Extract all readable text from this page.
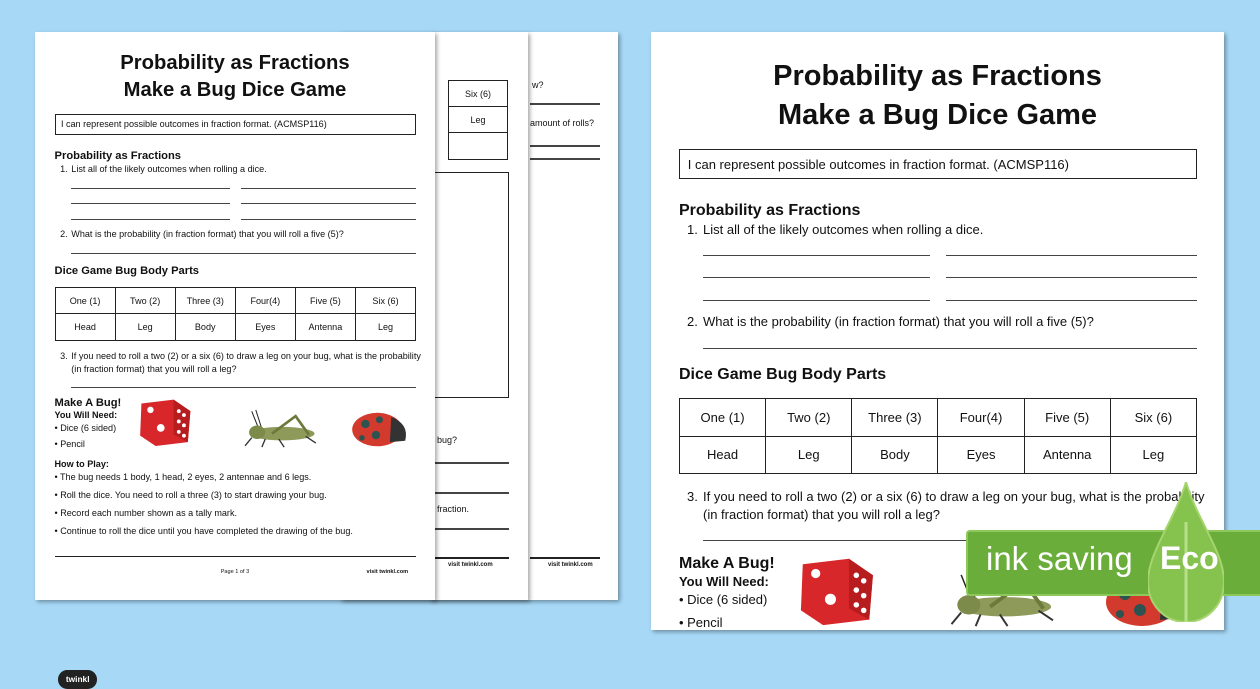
w?
amount of rolls?
visit twinkl.com
Six (6)
Leg
bug?
fraction.
visit twinkl.com
Probability as Fractions
Make a Bug Dice Game
I can represent possible outcomes in fraction format. (ACMSP116)
Probability as Fractions
1. List all of the likely outcomes when rolling a dice.
2. What is the probability (in fraction format) that you will roll a five (5)?
Dice Game Bug Body Parts
One (1)	Two (2)	Three (3)	Four(4)	Five (5)	Six (6)
Head	Leg	Body	Eyes	Antenna	Leg
3. If you need to roll a two (2) or a six (6) to draw a leg on your bug, what is the probability
(in fraction format) that you will roll a leg?
Make A Bug!
You Will Need:
• Dice (6 sided)
• Pencil
How to Play:
• The bug needs 1 body, 1 head, 2 eyes, 2 antennae and 6 legs.
• Roll the dice. You need to roll a three (3) to start drawing your bug.
• Record each number shown as a tally mark.
• Continue to roll the dice until you have completed the drawing of the bug.
twinkl
Page 1 of 3	visit twinkl.com
Probability as Fractions
Make a Bug Dice Game
I can represent possible outcomes in fraction format. (ACMSP116)
Probability as Fractions
1. List all of the likely outcomes when rolling a dice.
2. What is the probability (in fraction format) that you will roll a five (5)?
Dice Game Bug Body Parts
One (1)	Two (2)	Three (3)	Four(4)	Five (5)	Six (6)
Head	Leg	Body	Eyes	Antenna	Leg
3. If you need to roll a two (2) or a six (6) to draw a leg on your bug, what is the probability
(in fraction format) that you will roll a leg?
Make A Bug!
You Will Need:
• Dice (6 sided)
• Pencil
ink saving Eco
